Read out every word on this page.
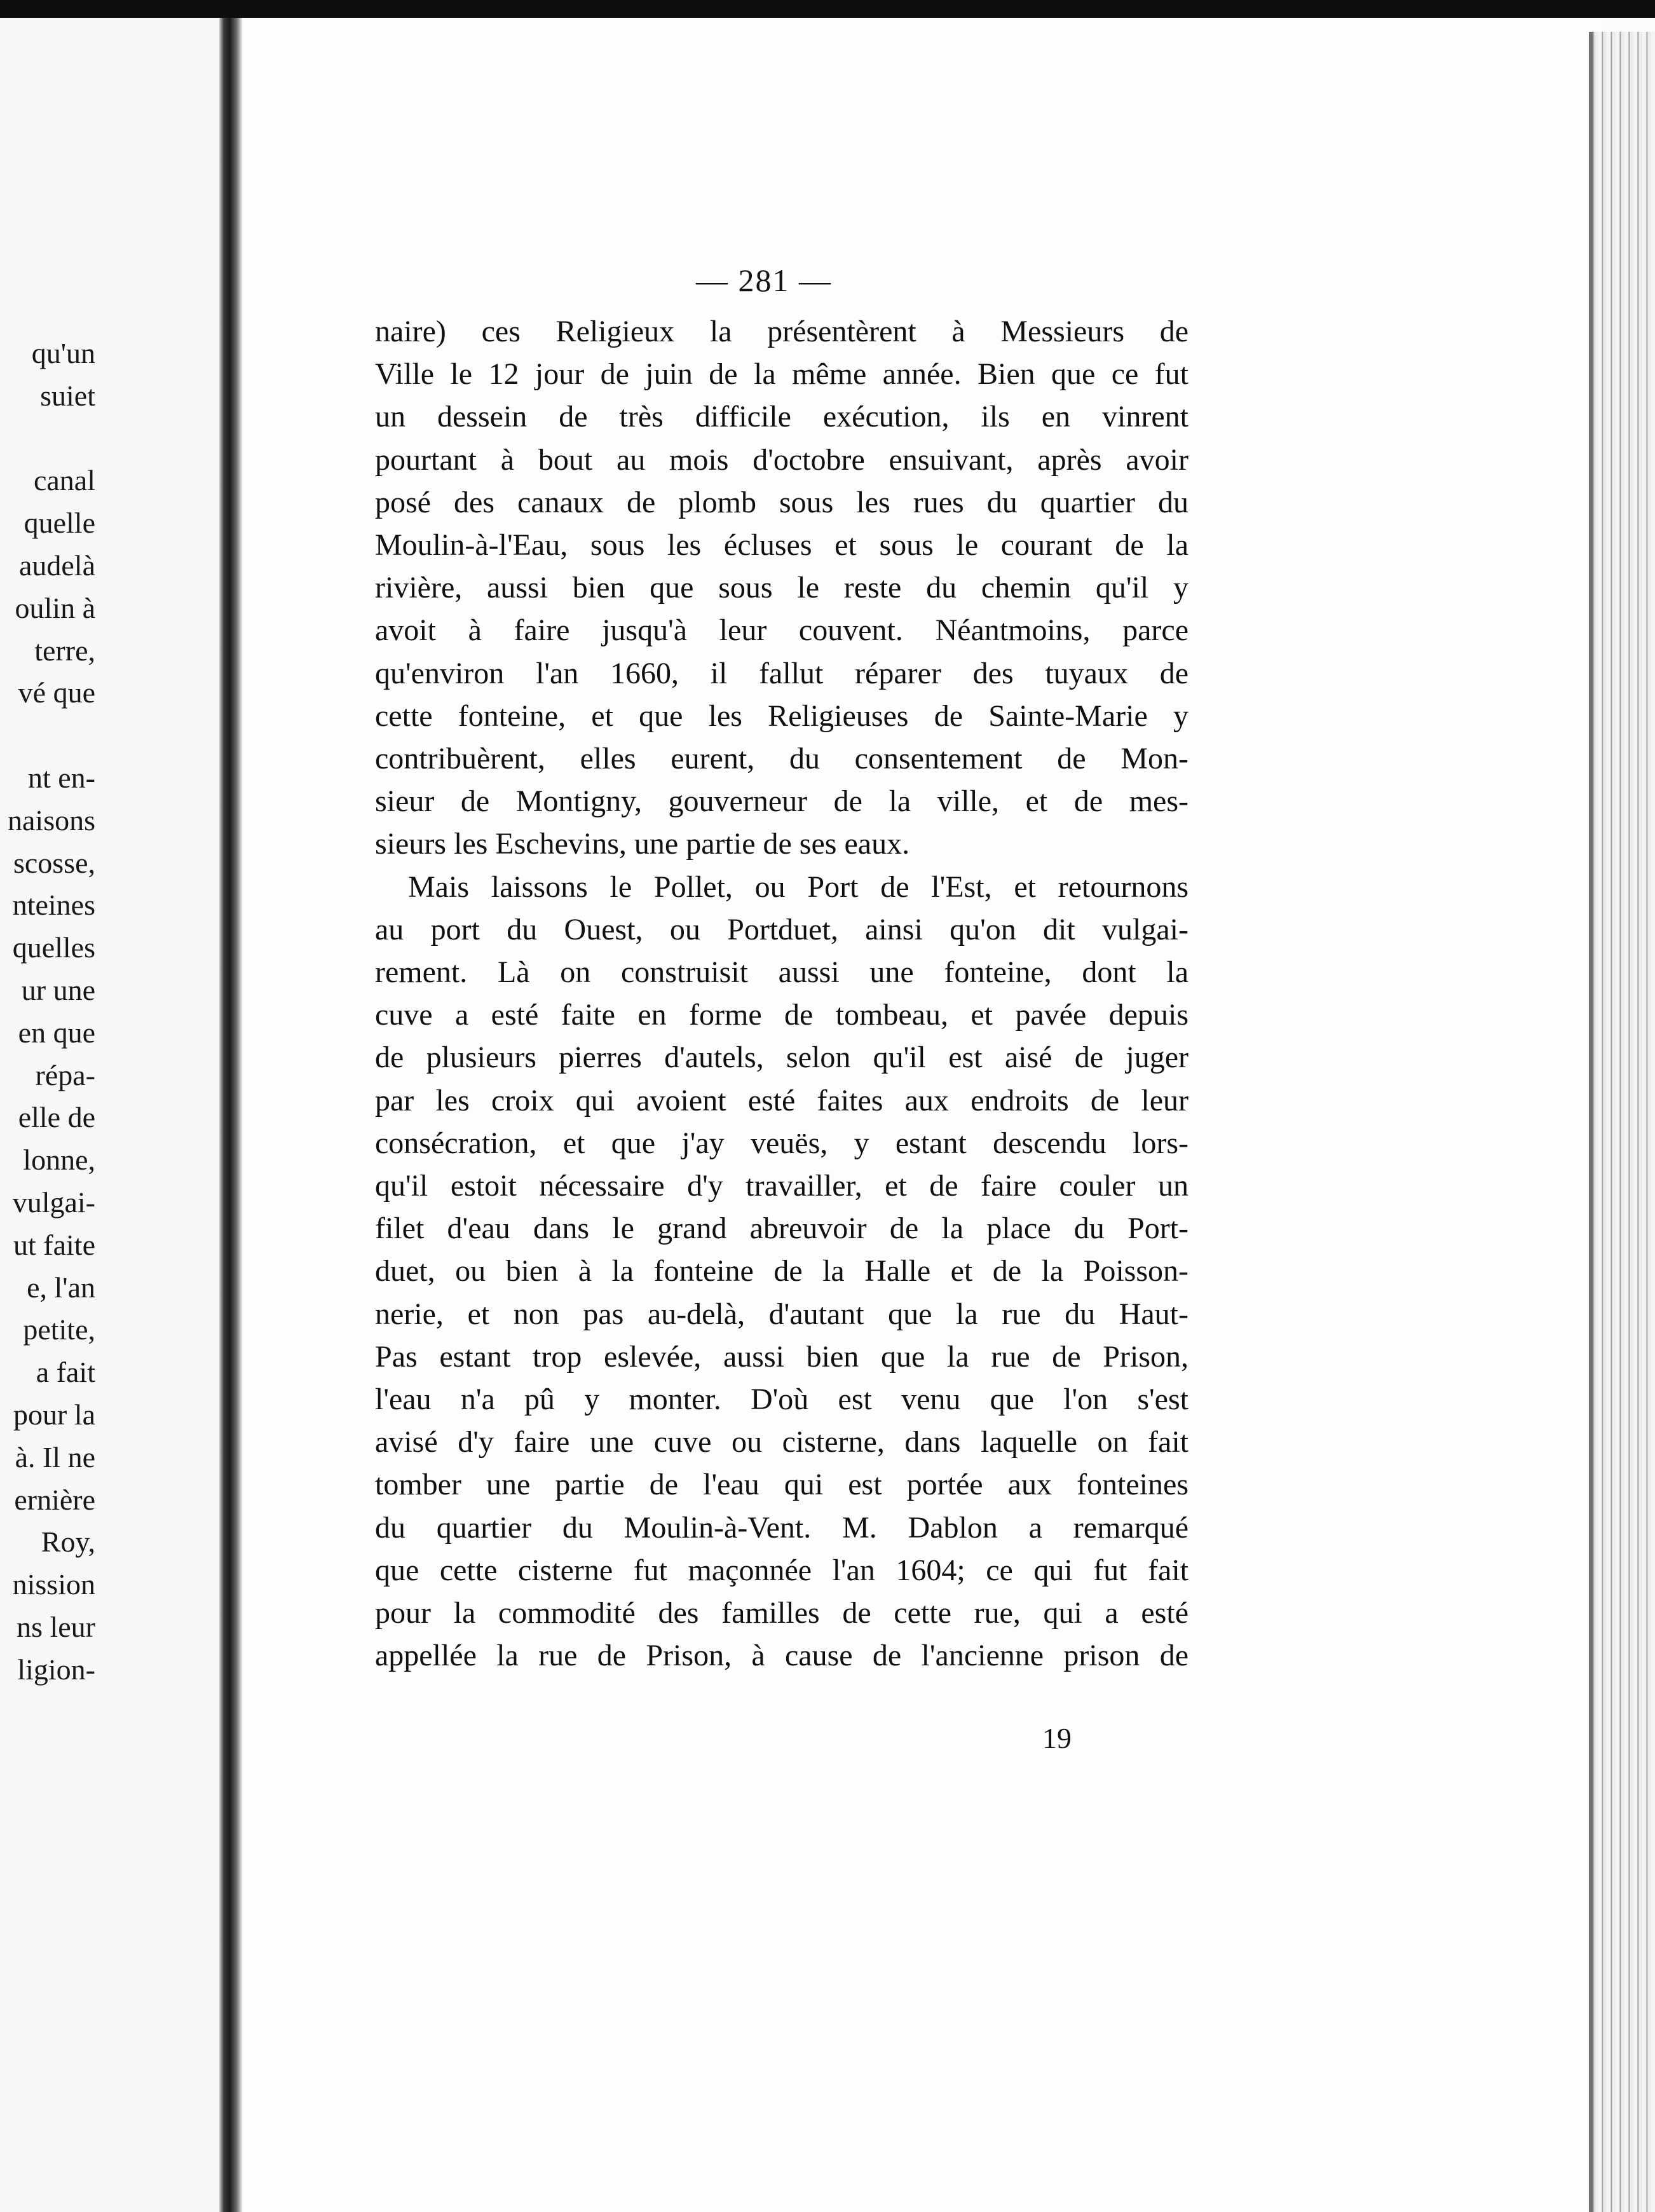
qu'un
suiet

canal
quelle
audelà
oulin à
terre,
vé que

nt en-
naisons
scosse,
nteines
quelles
ur une
en que
répa-
elle de
lonne,
vulgai-
ut faite
e, l'an
petite,
a fait
pour la
à. Il ne
ernière
Roy,
nission
ns leur
ligion-
— 281 —
naire) ces Religieux la présentèrent à Messieurs de
Ville le 12 jour de juin de la même année. Bien que ce fut
un dessein de très difficile exécution, ils en vinrent
pourtant à bout au mois d'octobre ensuivant, après avoir
posé des canaux de plomb sous les rues du quartier du
Moulin-à-l'Eau, sous les écluses et sous le courant de la
rivière, aussi bien que sous le reste du chemin qu'il y
avoit à faire jusqu'à leur couvent. Néantmoins, parce
qu'environ l'an 1660, il fallut réparer des tuyaux de
cette fonteine, et que les Religieuses de Sainte-Marie y
contribuèrent, elles eurent, du consentement de Mon-
sieur de Montigny, gouverneur de la ville, et de mes-
sieurs les Eschevins, une partie de ses eaux.
Mais laissons le Pollet, ou Port de l'Est, et retournons
au port du Ouest, ou Portduet, ainsi qu'on dit vulgai-
rement. Là on construisit aussi une fonteine, dont la
cuve a esté faite en forme de tombeau, et pavée depuis
de plusieurs pierres d'autels, selon qu'il est aisé de juger
par les croix qui avoient esté faites aux endroits de leur
consécration, et que j'ay veuës, y estant descendu lors-
qu'il estoit nécessaire d'y travailler, et de faire couler un
filet d'eau dans le grand abreuvoir de la place du Port-
duet, ou bien à la fonteine de la Halle et de la Poisson-
nerie, et non pas au-delà, d'autant que la rue du Haut-
Pas estant trop eslevée, aussi bien que la rue de Prison,
l'eau n'a pû y monter. D'où est venu que l'on s'est
avisé d'y faire une cuve ou cisterne, dans laquelle on fait
tomber une partie de l'eau qui est portée aux fonteines
du quartier du Moulin-à-Vent. M. Dablon a remarqué
que cette cisterne fut maçonnée l'an 1604; ce qui fut fait
pour la commodité des familles de cette rue, qui a esté
appellée la rue de Prison, à cause de l'ancienne prison de
19
